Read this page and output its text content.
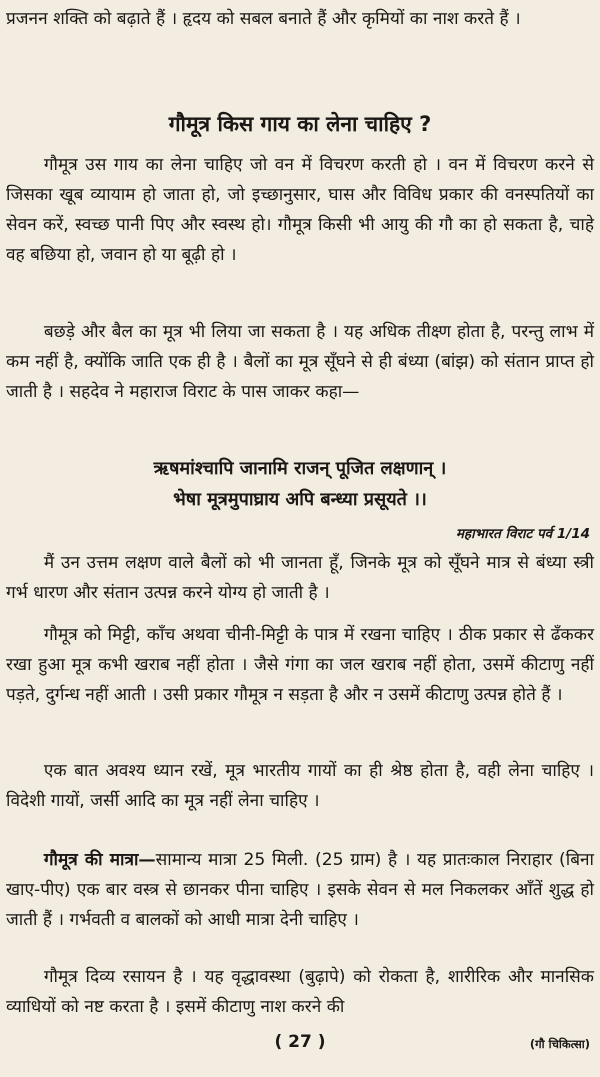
प्रजनन शक्ति को बढ़ाते हैं । हृदय को सबल बनाते हैं और कृमियों का नाश करते हैं ।

गौमूत्र किस गाय का लेना चाहिए ?

गौमूत्र उस गाय का लेना चाहिए जो वन में विचरण करती हो । वन में विचरण करने से जिसका खूब व्यायाम हो जाता हो, जो इच्छानुसार, घास और विविध प्रकार की वनस्पतियों का सेवन करें, स्वच्छ पानी पिए और स्वस्थ हो। गौमूत्र किसी भी आयु की गौ का हो सकता है, चाहे वह बछिया हो, जवान हो या बूढ़ी हो ।

बछड़े और बैल का मूत्र भी लिया जा सकता है । यह अधिक तीक्ष्ण होता है, परन्तु लाभ में कम नहीं है, क्योंकि जाति एक ही है । बैलों का मूत्र सूँघने से ही बंध्या (बांझ) को संतान प्राप्त हो जाती है । सहदेव ने महाराज विराट के पास जाकर कहा—

ऋषमांश्चापि जानामि राजन् पूजित लक्षणान् ।

भेषा मूत्रमुपाघ्राय अपि बन्ध्या प्रसूयते ।।

महाभारत विराट पर्व 1/14

मैं उन उत्तम लक्षण वाले बैलों को भी जानता हूँ, जिनके मूत्र को सूँघने मात्र से बंध्या स्त्री गर्भ धारण और संतान उत्पन्न करने योग्य हो जाती है ।

गौमूत्र को मिट्टी, काँच अथवा चीनी-मिट्टी के पात्र में रखना चाहिए । ठीक प्रकार से ढँककर रखा हुआ मूत्र कभी खराब नहीं होता । जैसे गंगा का जल खराब नहीं होता, उसमें कीटाणु नहीं पड़ते, दुर्गन्ध नहीं आती । उसी प्रकार गौमूत्र न सड़ता है और न उसमें कीटाणु उत्पन्न होते हैं ।

एक बात अवश्य ध्यान रखें, मूत्र भारतीय गायों का ही श्रेष्ठ होता है, वही लेना चाहिए । विदेशी गायों, जर्सी आदि का मूत्र नहीं लेना चाहिए ।

गौमूत्र की मात्रा—सामान्य मात्रा 25 मिली. (25 ग्राम) है । यह प्रातःकाल निराहार (बिना खाए-पीए) एक बार वस्त्र से छानकर पीना चाहिए । इसके सेवन से मल निकलकर आँतें शुद्ध हो जाती हैं । गर्भवती व बालकों को आधी मात्रा देनी चाहिए ।

गौमूत्र दिव्य रसायन है । यह वृद्धावस्था (बुढ़ापे) को रोकता है, शारीरिक और मानसिक व्याधियों को नष्ट करता है । इसमें कीटाणु नाश करने की

( 27 )	(गौ चिकित्सा)
